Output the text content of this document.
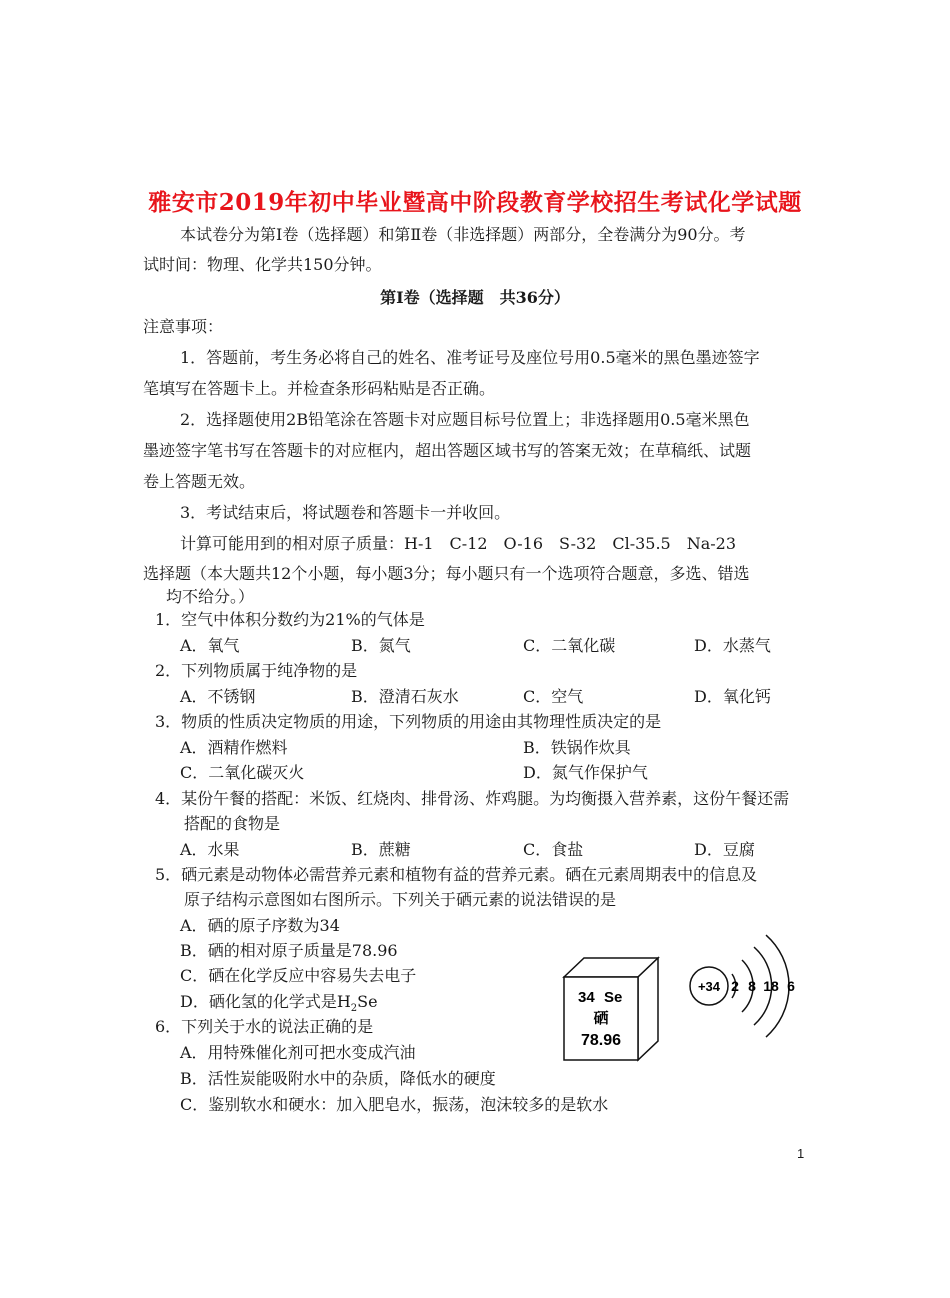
雅安市2019年初中毕业暨高中阶段教育学校招生考试化学试题
本试卷分为第Ⅰ卷（选择题）和第Ⅱ卷（非选择题）两部分，全卷满分为90分。考
试时间：物理、化学共150分钟。
第Ⅰ卷（选择题　共36分）
注意事项：
1．答题前，考生务必将自己的姓名、准考证号及座位号用0.5毫米的黑色墨迹签字
笔填写在答题卡上。并检查条形码粘贴是否正确。
2．选择题使用2B铅笔涂在答题卡对应题目标号位置上；非选择题用0.5毫米黑色
墨迹签字笔书写在答题卡的对应框内，超出答题区域书写的答案无效；在草稿纸、试题
卷上答题无效。
3．考试结束后，将试题卷和答题卡一并收回。
计算可能用到的相对原子质量：H-1　C-12　O-16　S-32　Cl-35.5　Na-23
选择题（本大题共12个小题，每小题3分；每小题只有一个选项符合题意，多选、错选
均不给分。）
1．空气中体积分数约为21%的气体是
A．氧气	B．氮气	C．二氧化碳	D．水蒸气
2．下列物质属于纯净物的是
A．不锈钢	B．澄清石灰水	C．空气	D．氧化钙
3．物质的性质决定物质的用途，下列物质的用途由其物理性质决定的是
A．酒精作燃料	B．铁锅作炊具
C．二氧化碳灭火	D．氮气作保护气
4．某份午餐的搭配：米饭、红烧肉、排骨汤、炸鸡腿。为均衡摄入营养素，这份午餐还需
搭配的食物是
A．水果	B．蔗糖	C．食盐	D．豆腐
5．硒元素是动物体必需营养元素和植物有益的营养元素。硒在元素周期表中的信息及
原子结构示意图如右图所示。下列关于硒元素的说法错误的是
A．硒的原子序数为34
B．硒的相对原子质量是78.96
C．硒在化学反应中容易失去电子
D．硒化氢的化学式是$H_2Se$
6．下列关于水的说法正确的是
A．用特殊催化剂可把水变成汽油
B．活性炭能吸附水中的杂质，降低水的硬度
C．鉴别软水和硬水：加入肥皂水，振荡，泡沫较多的是软水
34 Se
硒
78.96
+34 2 8 18 6
1
